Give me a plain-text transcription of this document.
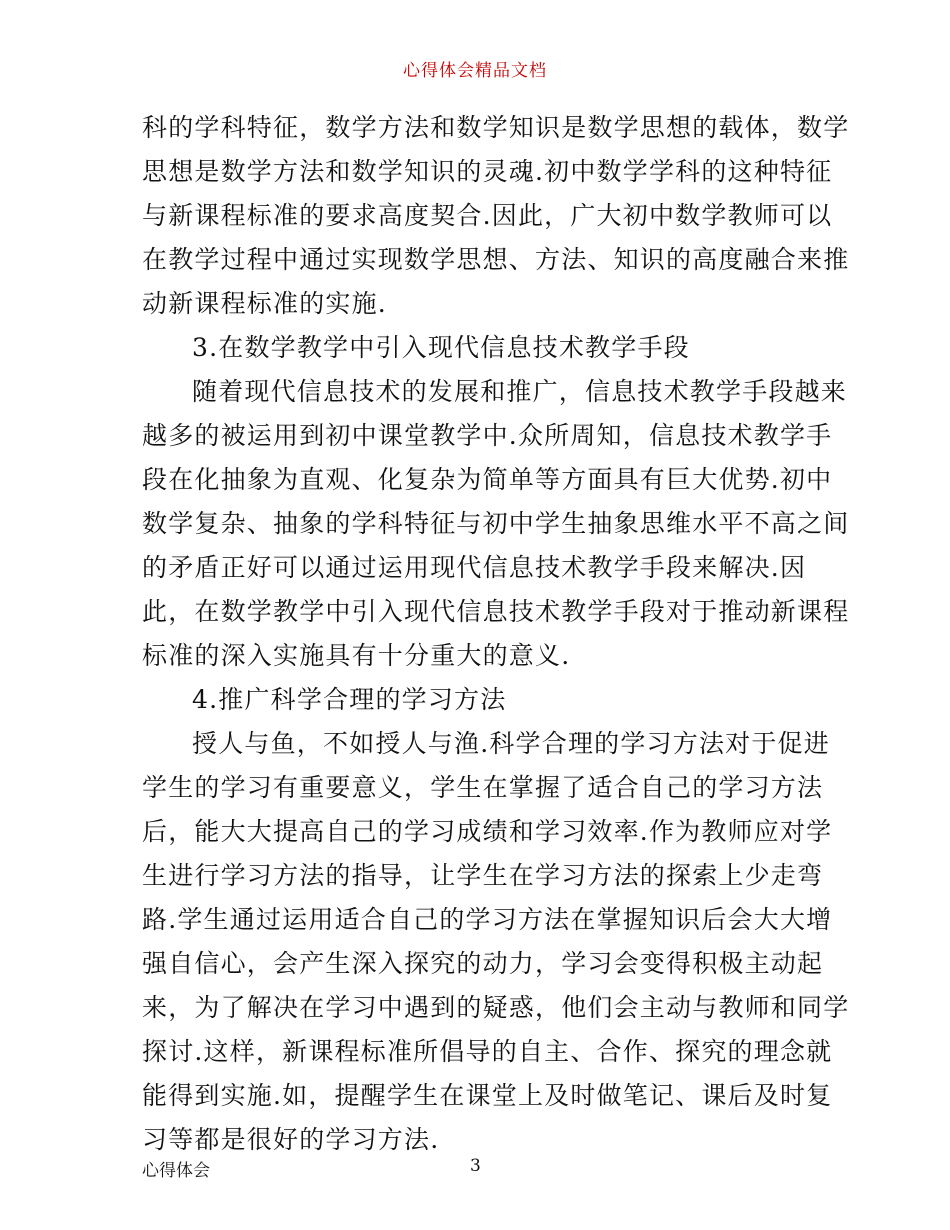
心得体会精品文档
科的学科特征，数学方法和数学知识是数学思想的载体，数学
思想是数学方法和数学知识的灵魂.初中数学学科的这种特征
与新课程标准的要求高度契合.因此，广大初中数学教师可以
在教学过程中通过实现数学思想、方法、知识的高度融合来推
动新课程标准的实施.
3.在数学教学中引入现代信息技术教学手段
随着现代信息技术的发展和推广，信息技术教学手段越来
越多的被运用到初中课堂教学中.众所周知，信息技术教学手
段在化抽象为直观、化复杂为简单等方面具有巨大优势.初中
数学复杂、抽象的学科特征与初中学生抽象思维水平不高之间
的矛盾正好可以通过运用现代信息技术教学手段来解决.因
此，在数学教学中引入现代信息技术教学手段对于推动新课程
标准的深入实施具有十分重大的意义.
4.推广科学合理的学习方法
授人与鱼，不如授人与渔.科学合理的学习方法对于促进
学生的学习有重要意义，学生在掌握了适合自己的学习方法
后，能大大提高自己的学习成绩和学习效率.作为教师应对学
生进行学习方法的指导，让学生在学习方法的探索上少走弯
路.学生通过运用适合自己的学习方法在掌握知识后会大大增
强自信心，会产生深入探究的动力，学习会变得积极主动起
来，为了解决在学习中遇到的疑惑，他们会主动与教师和同学
探讨.这样，新课程标准所倡导的自主、合作、探究的理念就
能得到实施.如，提醒学生在课堂上及时做笔记、课后及时复
习等都是很好的学习方法.
心得体会	3
